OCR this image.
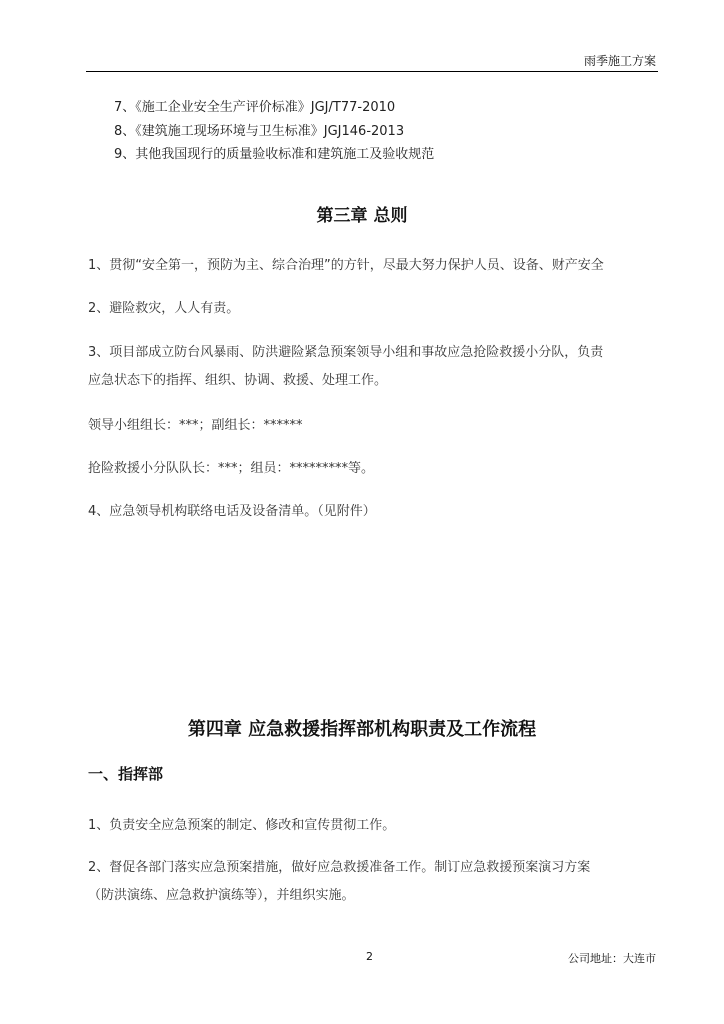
雨季施工方案
7、《施工企业安全生产评价标准》JGJ/T77-2010
8、《建筑施工现场环境与卫生标准》JGJ146-2013
9、其他我国现行的质量验收标准和建筑施工及验收规范
第三章 总则
1、贯彻“安全第一，预防为主、综合治理”的方针，尽最大努力保护人员、设备、财产安全
2、避险救灾，人人有责。
3、项目部成立防台风暴雨、防洪避险紧急预案领导小组和事故应急抢险救援小分队，负责
应急状态下的指挥、组织、协调、救援、处理工作。
领导小组组长：***；副组长：******
抢险救援小分队队长：***；组员：*********等。
4、应急领导机构联络电话及设备清单。（见附件）
第四章 应急救援指挥部机构职责及工作流程
一、指挥部
1、负责安全应急预案的制定、修改和宣传贯彻工作。
2、督促各部门落实应急预案措施，做好应急救援准备工作。制订应急救援预案演习方案
（防洪演练、应急救护演练等），并组织实施。
2	公司地址：大连市
